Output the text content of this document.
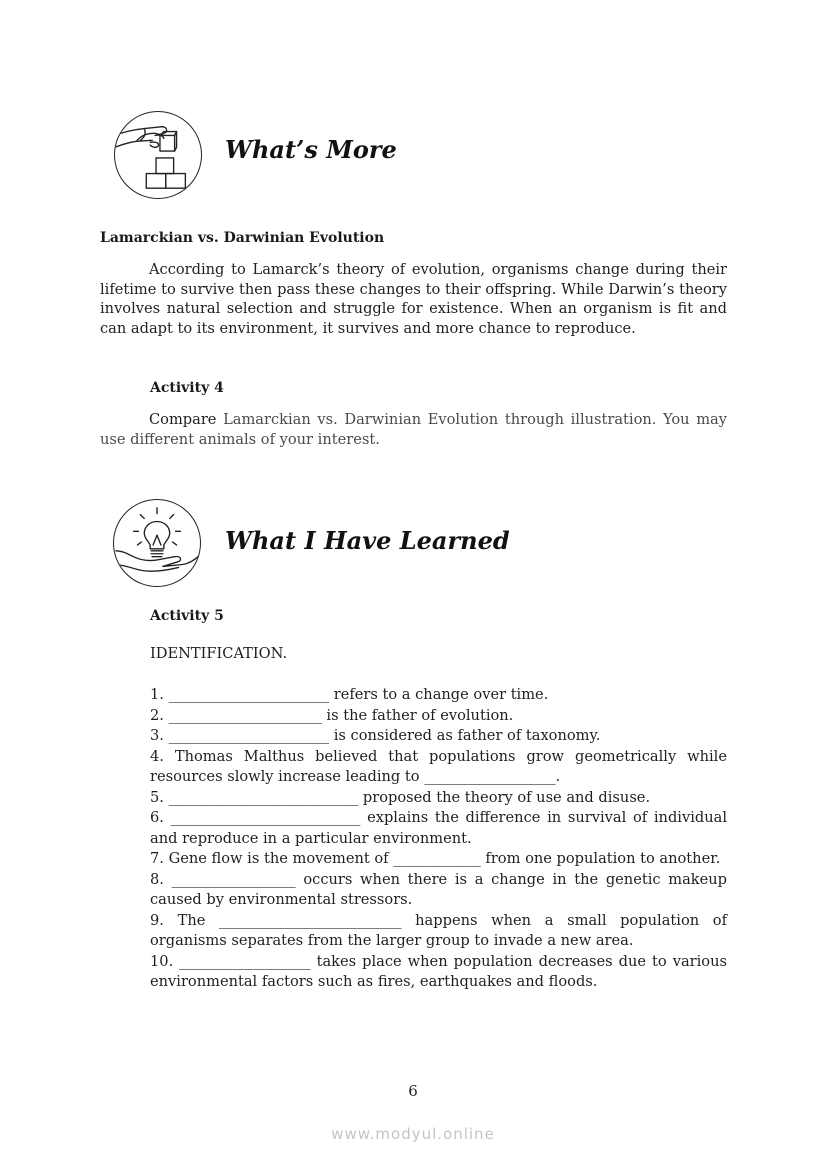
What’s More
Lamarckian vs. Darwinian Evolution
According to Lamarck’s theory of evolution, organisms change during their lifetime to survive then pass these changes to their offspring. While Darwin’s theory involves natural selection and struggle for existence. When an organism is fit and can adapt to its environment, it survives and more chance to reproduce.
Activity 4
Compare Lamarckian vs. Darwinian Evolution through illustration. You may use different animals of your interest.
What I Have Learned
Activity 5
IDENTIFICATION.
1. ______________________ refers to a change over time.
2. _____________________ is the father of evolution.
3. ______________________ is considered as father of taxonomy.
4. Thomas Malthus believed that populations grow geometrically while resources slowly increase leading to __________________.
5. __________________________ proposed the theory of use and disuse.
6. __________________________ explains the difference in survival of individual and reproduce in a particular environment.
7. Gene flow is the movement of ____________ from one population to another.
8. _________________ occurs when there is a change in the genetic makeup caused by environmental stressors.
9. The _________________________ happens when a small population of organisms separates from the larger group to invade a new area.
10. __________________ takes place when population decreases due to various environmental factors such as fires, earthquakes and floods.
6
www.modyul.online
